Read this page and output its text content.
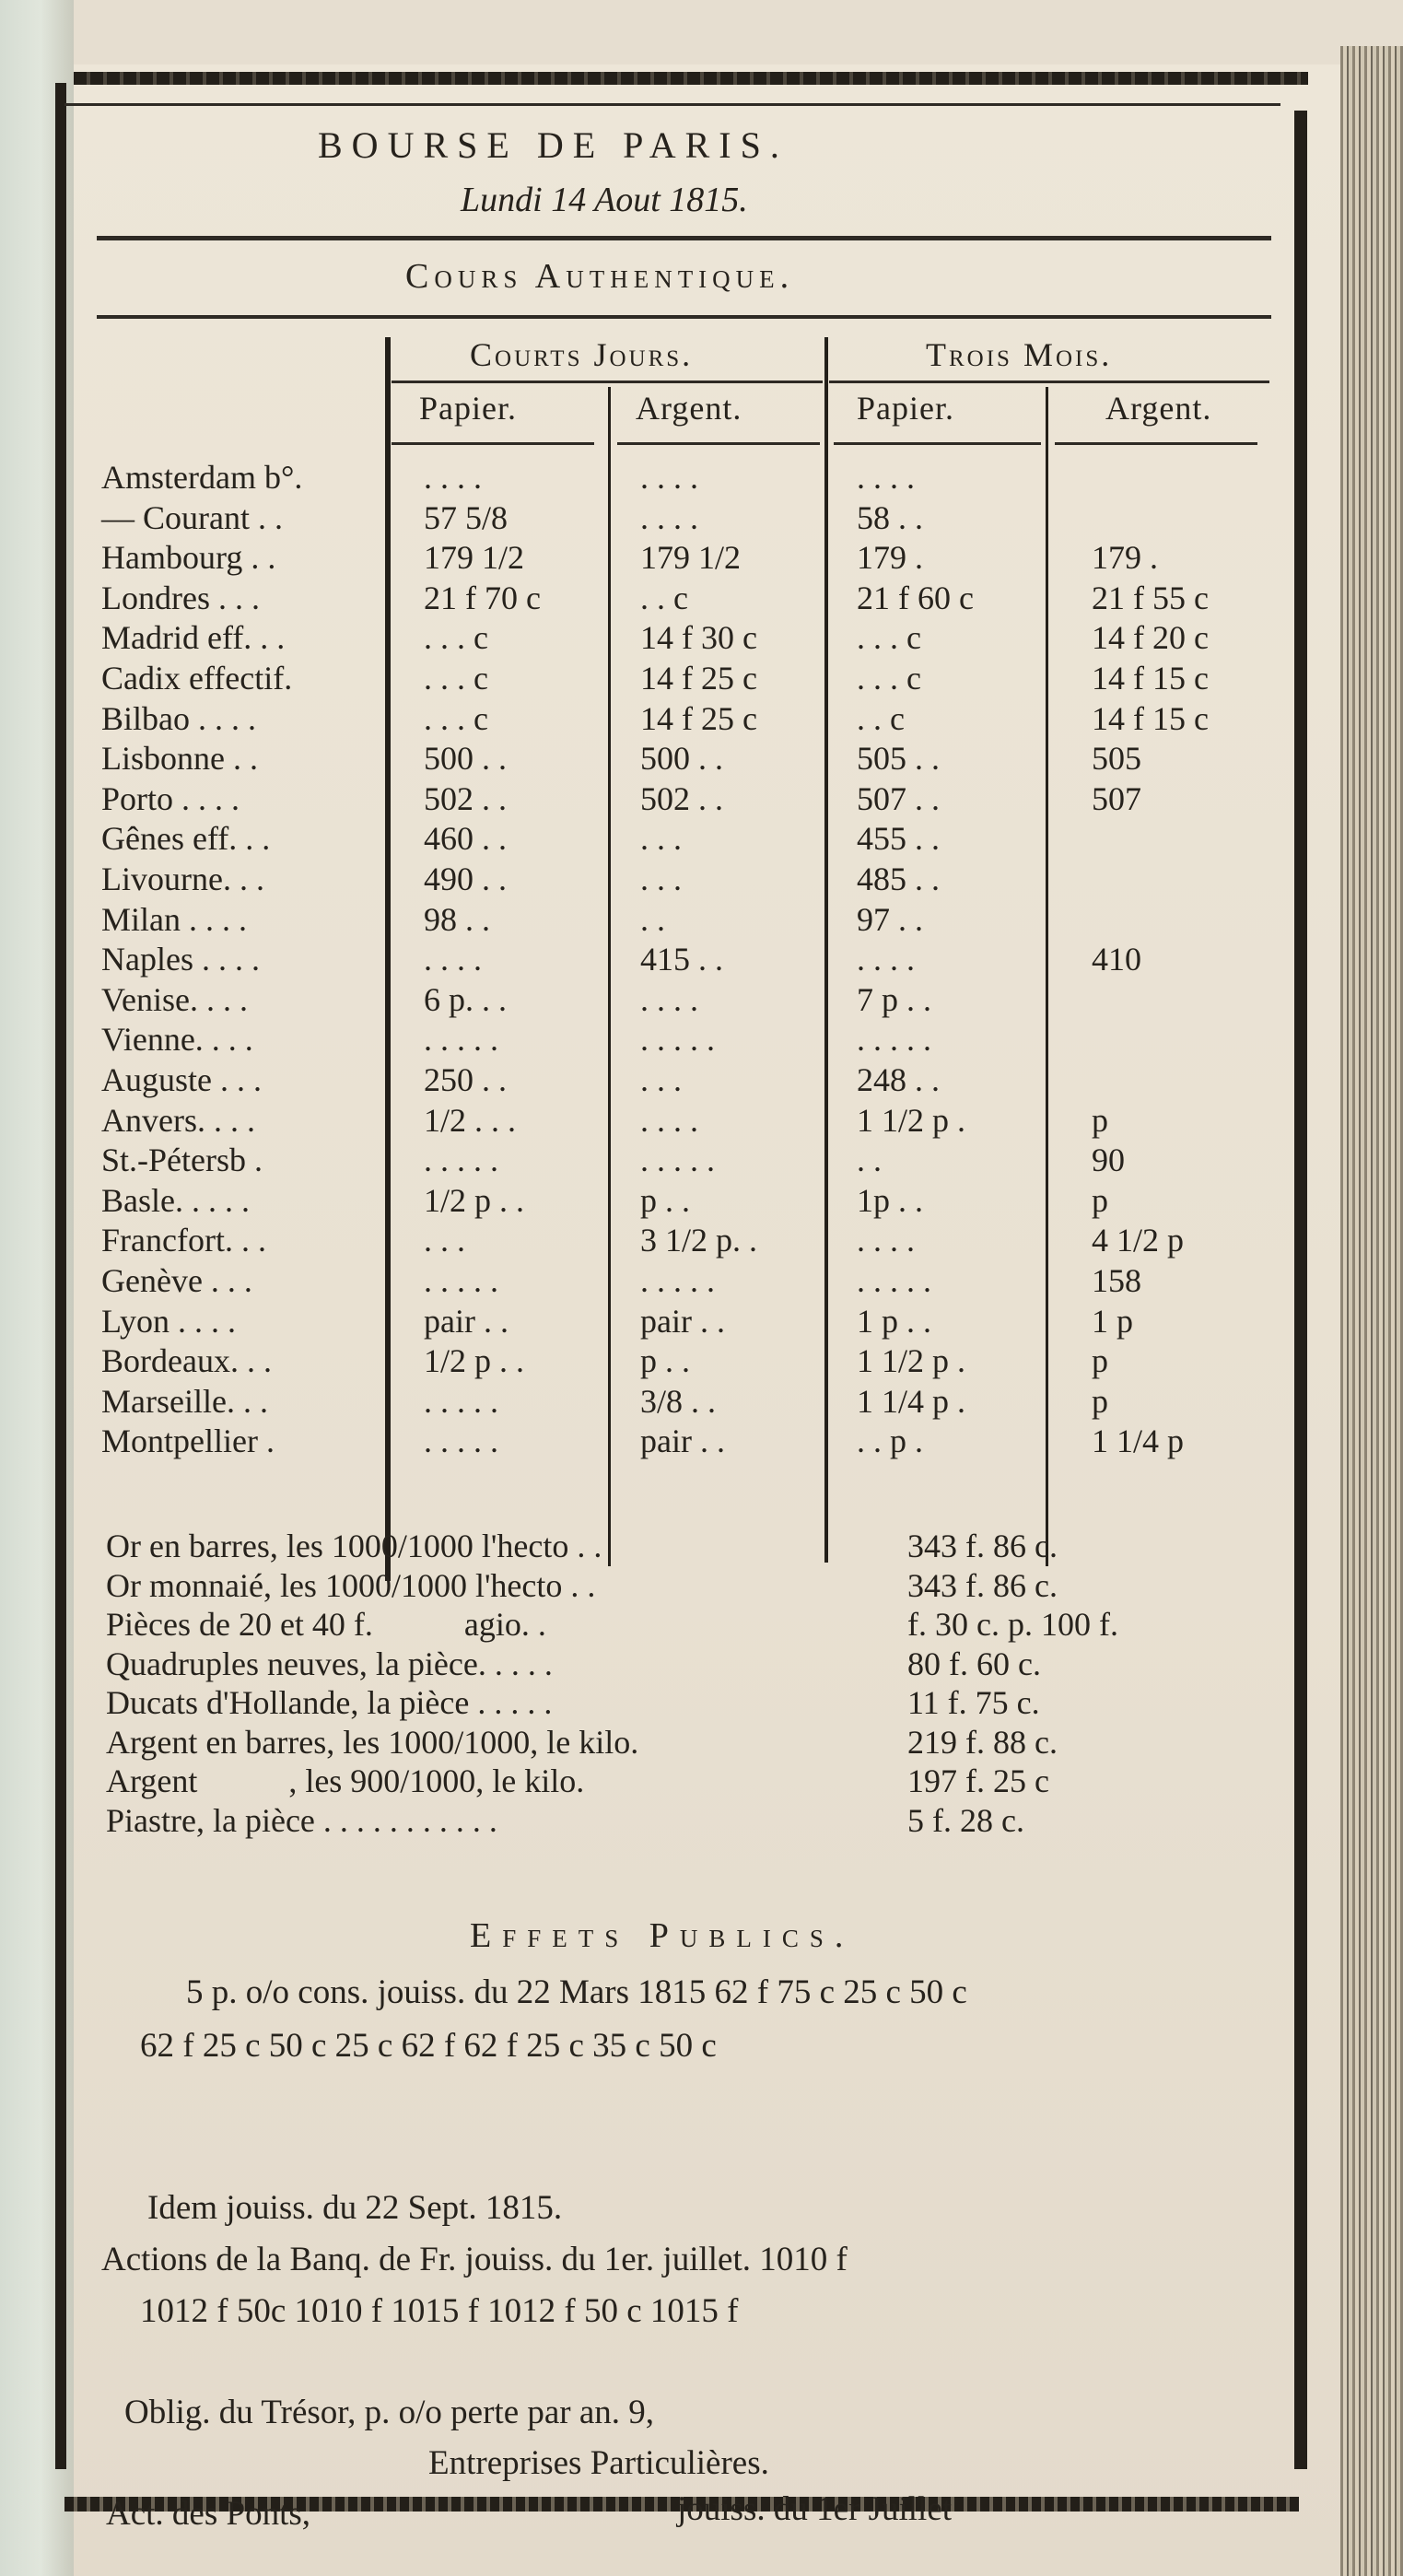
BOURSE DE PARIS.
Lundi 14 Aout 1815.
Cours Authentique.
Courts Jours.	Trois Mois.
Papier.	Argent.	Papier.	Argent.
Amsterdam b°.	. . . .	. . . .	. . . .
— Courant . .	57 5/8	. . . .	58 . .
Hambourg . .	179 1/2	179 1/2	179 .	179 .
Londres . . .	21 f 70 c	. . c	21 f 60 c	21 f 55 c
Madrid eff. . .	. . . c	14 f 30 c	. . . c	14 f 20 c
Cadix effectif.	. . . c	14 f 25 c	. . . c	14 f 15 c
Bilbao . . . .	. . . c	14 f 25 c	. . c	14 f 15 c
Lisbonne . .	500 . .	500 . .	505 . .	505
Porto . . . .	502 . .	502 . .	507 . .	507
Gênes eff. . .	460 . .	. . .	455 . .
Livourne. . .	490 . .	. . .	485 . .
Milan . . . .	98 . .	. .	97 . .
Naples . . . .	. . . .	415 . .	. . . .	410
Venise. . . .	6 p. . .	. . . .	7 p . .
Vienne. . . .	. . . . .	. . . . .	. . . . .
Auguste . . .	250 . .	. . .	248 . .
Anvers. . . .	1/2 . . .	. . . .	1 1/2 p .	p
St.-Pétersb .	. . . . .	. . . . .	. .	90
Basle. . . . .	1/2 p . .	p . .	1p . .	p
Francfort. . .	. . .	3 1/2 p. .	. . . .	4 1/2 p
Genève . . .	. . . . .	. . . . .	. . . . .	158
Lyon . . . .	pair . .	pair . .	1 p . .	1 p
Bordeaux. . .	1/2 p . .	p . .	1 1/2 p .	p
Marseille. . .	. . . . .	3/8 . .	1 1/4 p .	p
Montpellier .	. . . . .	pair . .	. . p .	1 1/4 p
Or en barres, les 1000/1000 l'hecto . .	343 f. 86 c.
Or monnaié, les 1000/1000 l'hecto . .	343 f. 86 c.
Pièces de 20 et 40 f.           agio. .	f. 30 c. p. 100 f.
Quadruples neuves, la pièce. . . . .	80 f. 60 c.
Ducats d'Hollande, la pièce . . . . .	11 f. 75 c.
Argent en barres, les 1000/1000, le kilo.	219 f. 88 c.
Argent           , les 900/1000, le kilo.	197 f. 25 c
Piastre, la pièce . . . . . . . . . . .	5 f. 28 c.
Effets Publics.
5 p. o/o cons. jouiss. du 22 Mars 1815 62 f 75 c 25 c 50 c
62 f 25 c 50 c 25 c 62 f 62 f 25 c 35 c 50 c
Idem jouiss. du 22 Sept. 1815.
Actions de la Banq. de Fr. jouiss. du 1er. juillet. 1010 f
1012 f 50c 1010 f 1015 f 1012 f 50 c 1015 f
Oblig. du Trésor, p. o/o perte par an. 9,
Entreprises Particulières.
Act. des Ponts,	jouiss. du 1er Juillet
